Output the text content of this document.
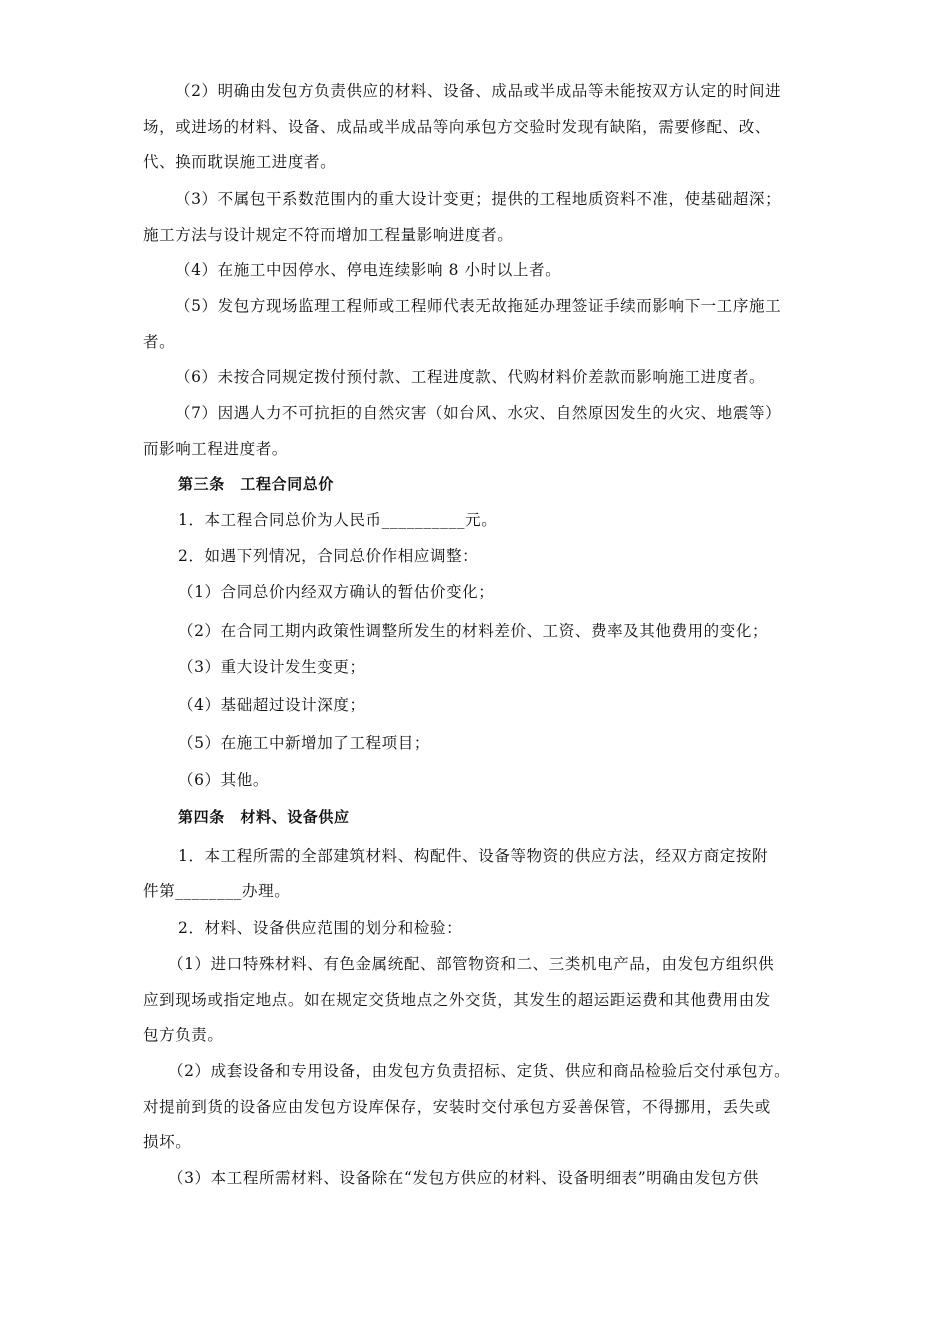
（2）明确由发包方负责供应的材料、设备、成品或半成品等未能按双方认定的时间进
场，或进场的材料、设备、成品或半成品等向承包方交验时发现有缺陷，需要修配、改、
代、换而耽误施工进度者。
（3）不属包干系数范围内的重大设计变更；提供的工程地质资料不准，使基础超深；
施工方法与设计规定不符而增加工程量影响进度者。
（4）在施工中因停水、停电连续影响 8 小时以上者。
（5）发包方现场监理工程师或工程师代表无故拖延办理签证手续而影响下一工序施工
者。
（6）未按合同规定拨付预付款、工程进度款、代购材料价差款而影响施工进度者。
（7）因遇人力不可抗拒的自然灾害（如台风、水灾、自然原因发生的火灾、地震等）
而影响工程进度者。
第三条　工程合同总价
1．本工程合同总价为人民币__________元。
2．如遇下列情况，合同总价作相应调整：
（1）合同总价内经双方确认的暂估价变化；
（2）在合同工期内政策性调整所发生的材料差价、工资、费率及其他费用的变化；
（3）重大设计发生变更；
（4）基础超过设计深度；
（5）在施工中新增加了工程项目；
（6）其他。
第四条　材料、设备供应
1．本工程所需的全部建筑材料、构配件、设备等物资的供应方法，经双方商定按附
件第________办理。
2．材料、设备供应范围的划分和检验：
（1）进口特殊材料、有色金属统配、部管物资和二、三类机电产品，由发包方组织供
应到现场或指定地点。如在规定交货地点之外交货，其发生的超运距运费和其他费用由发
包方负责。
（2）成套设备和专用设备，由发包方负责招标、定货、供应和商品检验后交付承包方。
对提前到货的设备应由发包方设库保存，安装时交付承包方妥善保管，不得挪用，丢失或
损坏。
（3）本工程所需材料、设备除在“发包方供应的材料、设备明细表”明确由发包方供
